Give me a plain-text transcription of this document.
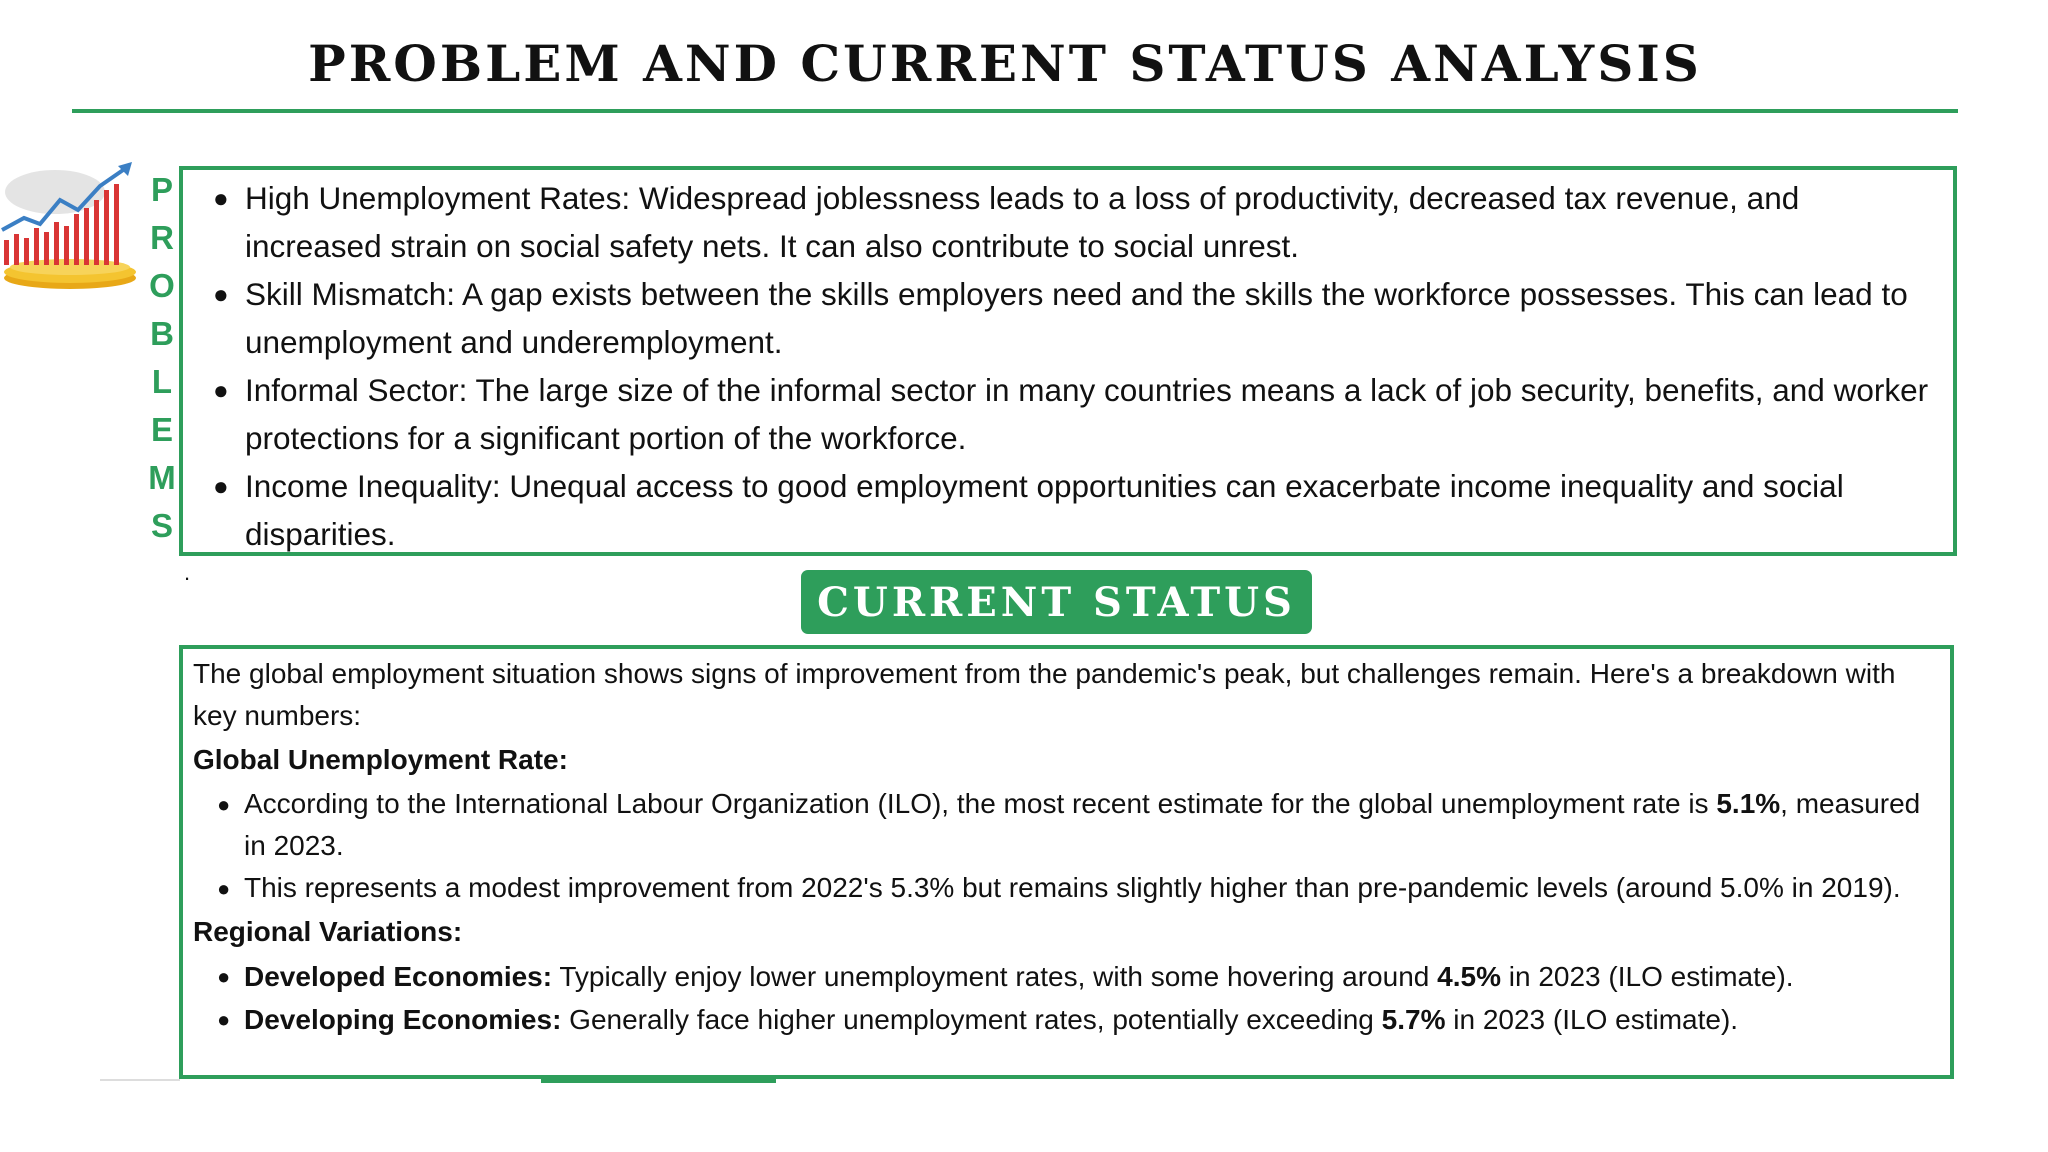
PROBLEM AND CURRENT STATUS ANALYSIS
P
R
O
B
L
E
M
S
● High Unemployment Rates: Widespread joblessness leads to a loss of productivity, decreased tax revenue, and increased strain on social safety nets. It can also contribute to social unrest.
● Skill Mismatch: A gap exists between the skills employers need and the skills the workforce possesses. This can lead to unemployment and underemployment.
● Informal Sector: The large size of the informal sector in many countries means a lack of job security, benefits, and worker protections for a significant portion of the workforce.
● Income Inequality: Unequal access to good employment opportunities can exacerbate income inequality and social disparities.
.
CURRENT STATUS

The global employment situation shows signs of improvement from the pandemic's peak, but challenges remain. Here's a breakdown with key numbers:

Global Unemployment Rate:

● According to the International Labour Organization (ILO), the most recent estimate for the global unemployment rate is 5.1%, measured in 2023.
● This represents a modest improvement from 2022's 5.3% but remains slightly higher than pre-pandemic levels (around 5.0% in 2019).

Regional Variations:

● Developed Economies: Typically enjoy lower unemployment rates, with some hovering around 4.5% in 2023 (ILO estimate).
● Developing Economies: Generally face higher unemployment rates, potentially exceeding 5.7% in 2023 (ILO estimate).
